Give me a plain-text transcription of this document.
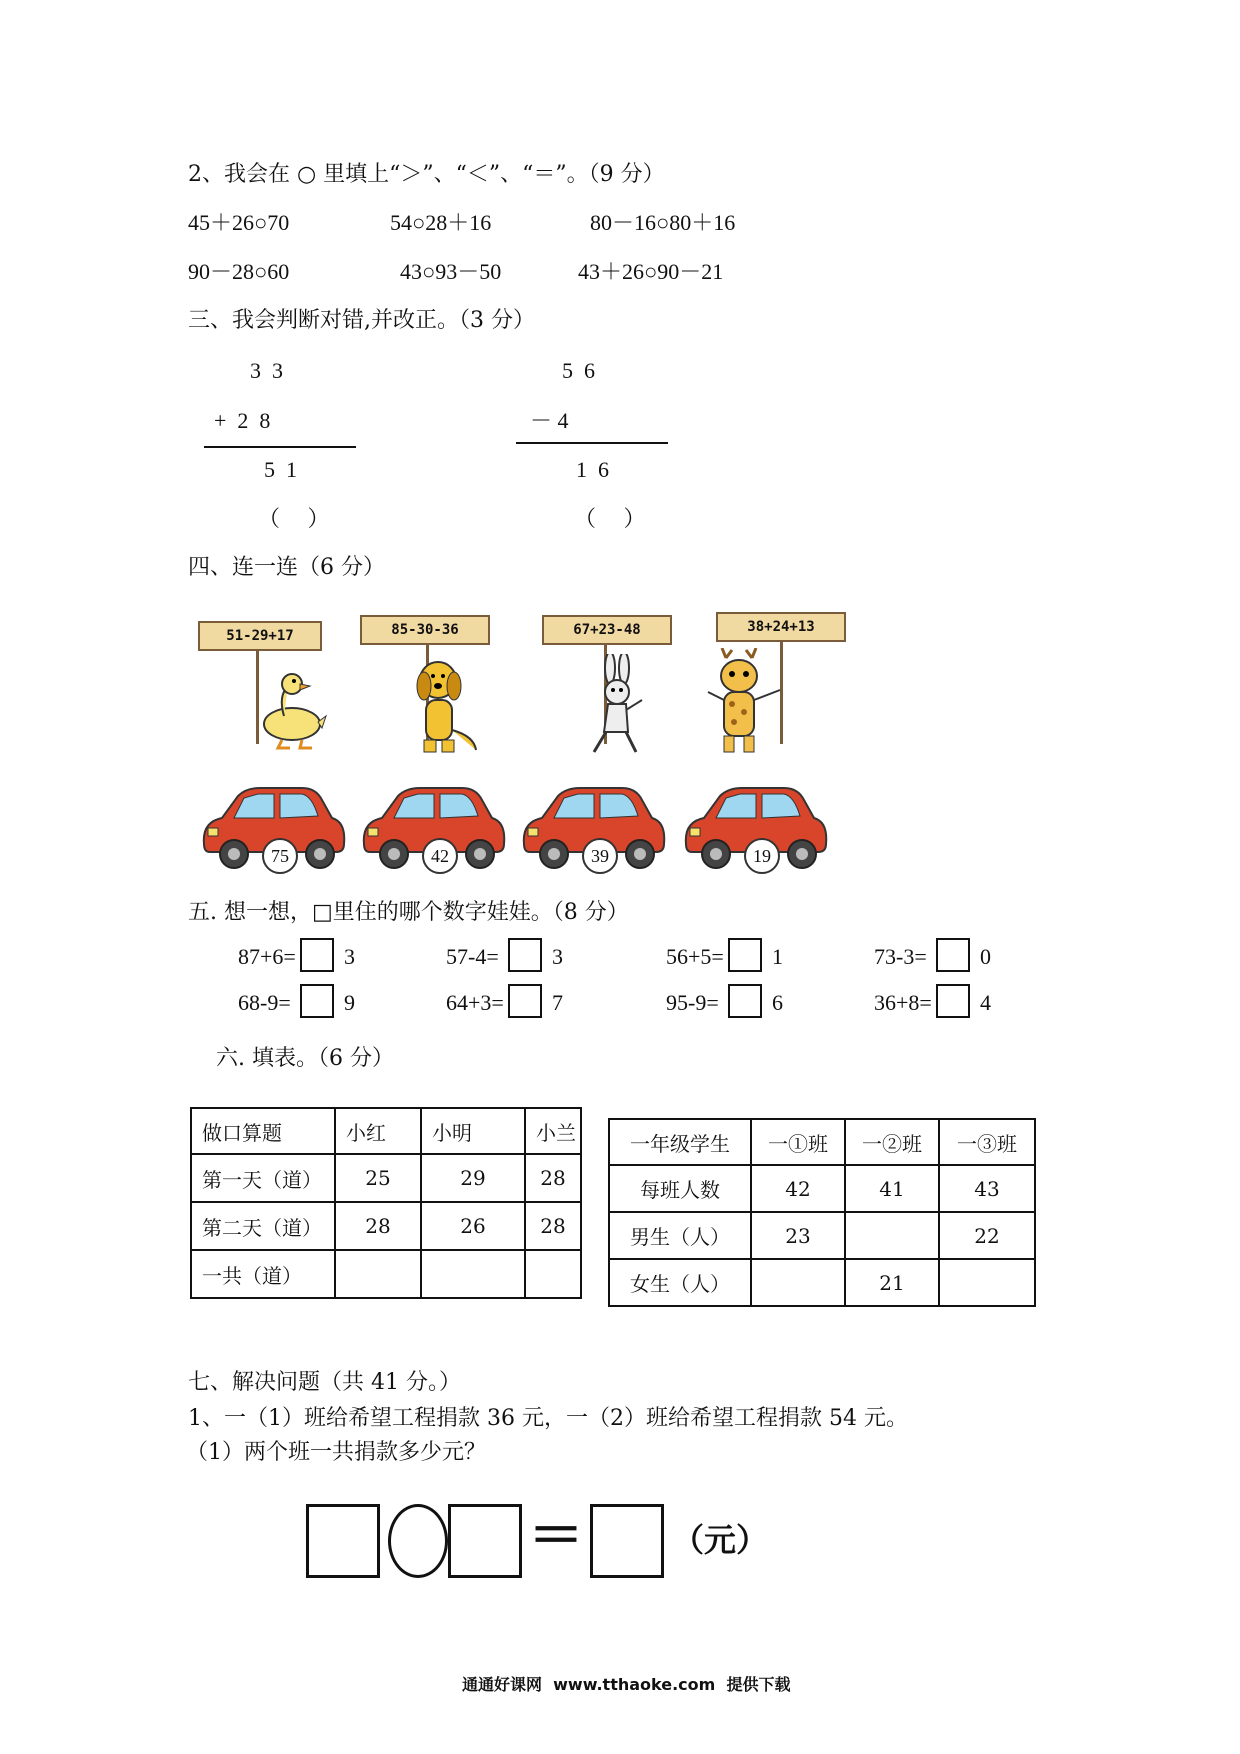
2、我会在 ○ 里填上“＞”、“＜”、“＝”。（9 分）
45＋26○70	54○28＋16	80－16○80＋16
90－28○60	43○93－50	43＋26○90－21
三、我会判断对错,并改正。（3 分）
3  3
+  2  8
5  1
（     ）
5  6
－ 4
1  6
（     ）
四、连一连（6 分）
51-29+17	85-30-36	67+23-48	38+24+13
75	42	39	19
五. 想一想，□里住的哪个数字娃娃。（8 分）
87+6= 3	57-4= 3	56+5= 1	73-3= 0
68-9= 9	64+3= 7	95-9= 6	36+8= 4
六. 填表。（6 分）
做口算题	小红	小明	小兰
第一天（道）	25	29	28
第二天（道）	28	26	28
一共（道）			
一年级学生	一①班	一②班	一③班
每班人数	42	41	43
男生（人）	23		22
女生（人）		21	
七、解决问题（共 41 分。）
1、一（1）班给希望工程捐款 36 元，一（2）班给希望工程捐款 54 元。
（1）两个班一共捐款多少元？
＝	（元）
通通好课网  www.tthaoke.com  提供下载
